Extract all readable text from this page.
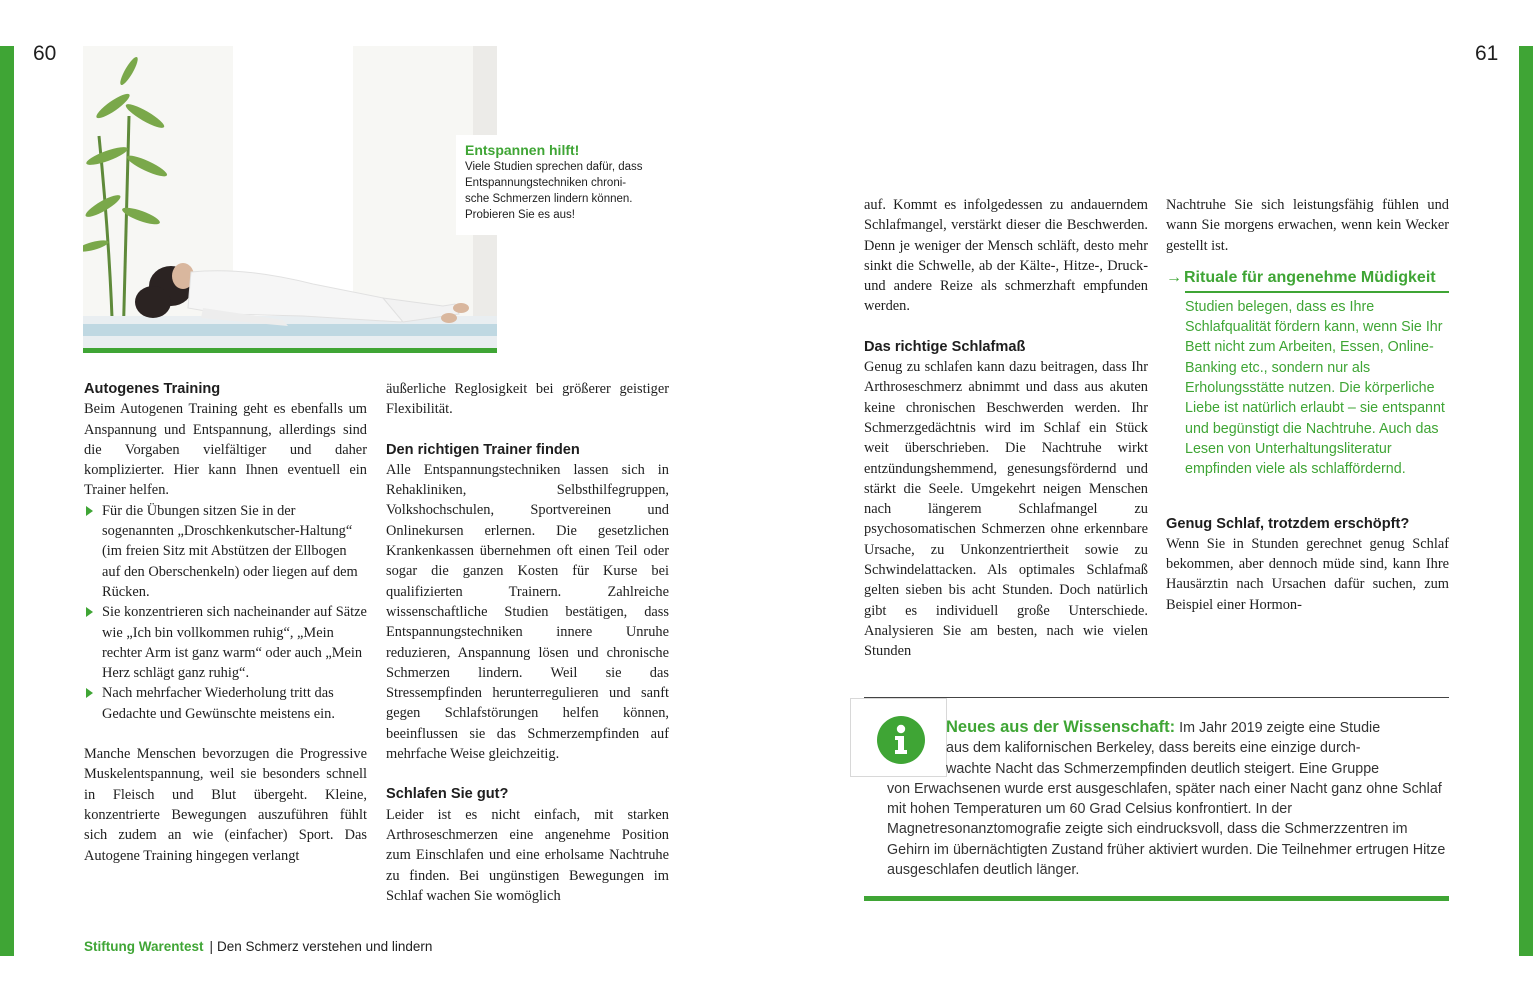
60	61
Entspannen hilft!
Viele Studien sprechen dafür, dass
Entspannungstechniken chroni-
sche Schmerzen lindern können.
Probieren Sie es aus!
Autogenes Training

Beim Autogenen Training geht es ebenfalls um Anspannung und Entspannung, allerdings sind die Vorgaben vielfältiger und daher komplizierter. Hier kann Ihnen eventuell ein Trainer helfen.

Für die Übungen sitzen Sie in der sogenannten „Droschkenkutscher-Haltung“ (im freien Sitz mit Abstützen der Ellbogen auf den Oberschenkeln) oder liegen auf dem Rücken.
Sie konzentrieren sich nacheinander auf Sätze wie „Ich bin vollkommen ruhig“, „Mein rechter Arm ist ganz warm“ oder auch „Mein Herz schlägt ganz ruhig“.
Nach mehrfacher Wiederholung tritt das Gedachte und Gewünschte meistens ein.

Manche Menschen bevorzugen die Progressive Muskelentspannung, weil sie besonders schnell in Fleisch und Blut übergeht. Kleine, konzentrierte Bewegungen auszuführen fühlt sich zudem an wie (einfacher) Sport. Das Autogene Training hingegen verlangt

äußerliche Reglosigkeit bei größerer geistiger Flexibilität.

Den richtigen Trainer finden

Alle Entspannungstechniken lassen sich in Rehakliniken, Selbsthilfegruppen, Volkshochschulen, Sportvereinen und Onlinekursen erlernen. Die gesetzlichen Krankenkassen übernehmen oft einen Teil oder sogar die ganzen Kosten für Kurse bei qualifizierten Trainern. Zahlreiche wissenschaftliche Studien bestätigen, dass Entspannungstechniken innere Unruhe reduzieren, Anspannung lösen und chronische Schmerzen lindern. Weil sie das Stressempfinden herunterregulieren und sanft gegen Schlafstörungen helfen können, beeinflussen sie das Schmerzempfinden auf mehrfache Weise gleichzeitig.

Schlafen Sie gut?

Leider ist es nicht einfach, mit starken Arthroseschmerzen eine angenehme Position zum Einschlafen und eine erholsame Nachtruhe zu finden. Bei ungünstigen Bewegungen im Schlaf wachen Sie womöglich

auf. Kommt es infolgedessen zu andauerndem Schlafmangel, verstärkt dieser die Beschwerden. Denn je weniger der Mensch schläft, desto mehr sinkt die Schwelle, ab der Kälte-, Hitze-, Druck- und andere Reize als schmerzhaft empfunden werden.

Das richtige Schlafmaß

Genug zu schlafen kann dazu beitragen, dass Ihr Arthroseschmerz abnimmt und dass aus akuten keine chronischen Beschwerden werden. Ihr Schmerzgedächtnis wird im Schlaf ein Stück weit überschrieben. Die Nachtruhe wirkt entzündungshemmend, genesungsfördernd und stärkt die Seele. Umgekehrt neigen Menschen nach längerem Schlafmangel zu psychosomatischen Schmerzen ohne erkennbare Ursache, zu Unkonzentriertheit sowie zu Schwindelattacken. Als optimales Schlafmaß gelten sieben bis acht Stunden. Doch natürlich gibt es individuell große Unterschiede. Analysieren Sie am besten, nach wie vielen Stunden

Nachtruhe Sie sich leistungsfähig fühlen und wann Sie morgens erwachen, wenn kein Wecker gestellt ist.

→ Rituale für angenehme Müdigkeit

Studien belegen, dass es Ihre Schlafqualität fördern kann, wenn Sie Ihr Bett nicht zum Arbeiten, Essen, Online-Banking etc., sondern nur als Erholungsstätte nutzen. Die körperliche Liebe ist natürlich erlaubt – sie entspannt und begünstigt die Nachtruhe. Auch das Lesen von Unterhaltungsliteratur empfinden viele als schlaffördernd.

Genug Schlaf, trotzdem erschöpft?

Wenn Sie in Stunden gerechnet genug Schlaf bekommen, aber dennoch müde sind, kann Ihre Hausärztin nach Ursachen dafür suchen, zum Beispiel einer Hormon-

Neues aus der Wissenschaft: Im Jahr 2019 zeigte eine Studie
aus dem kalifornischen Berkeley, dass bereits eine einzige durch-
wachte Nacht das Schmerzempfinden deutlich steigert. Eine Gruppe
von Erwachsenen wurde erst ausgeschlafen, später nach einer Nacht ganz ohne Schlaf mit hohen Temperaturen um 60 Grad Celsius konfrontiert. In der Magnetresonanztomografie zeigte sich eindrucksvoll, dass die Schmerzzentren im Gehirn im übernächtigten Zustand früher aktiviert wurden. Die Teilnehmer ertrugen Hitze ausgeschlafen deutlich länger.
Stiftung Warentest | Den Schmerz verstehen und lindern
